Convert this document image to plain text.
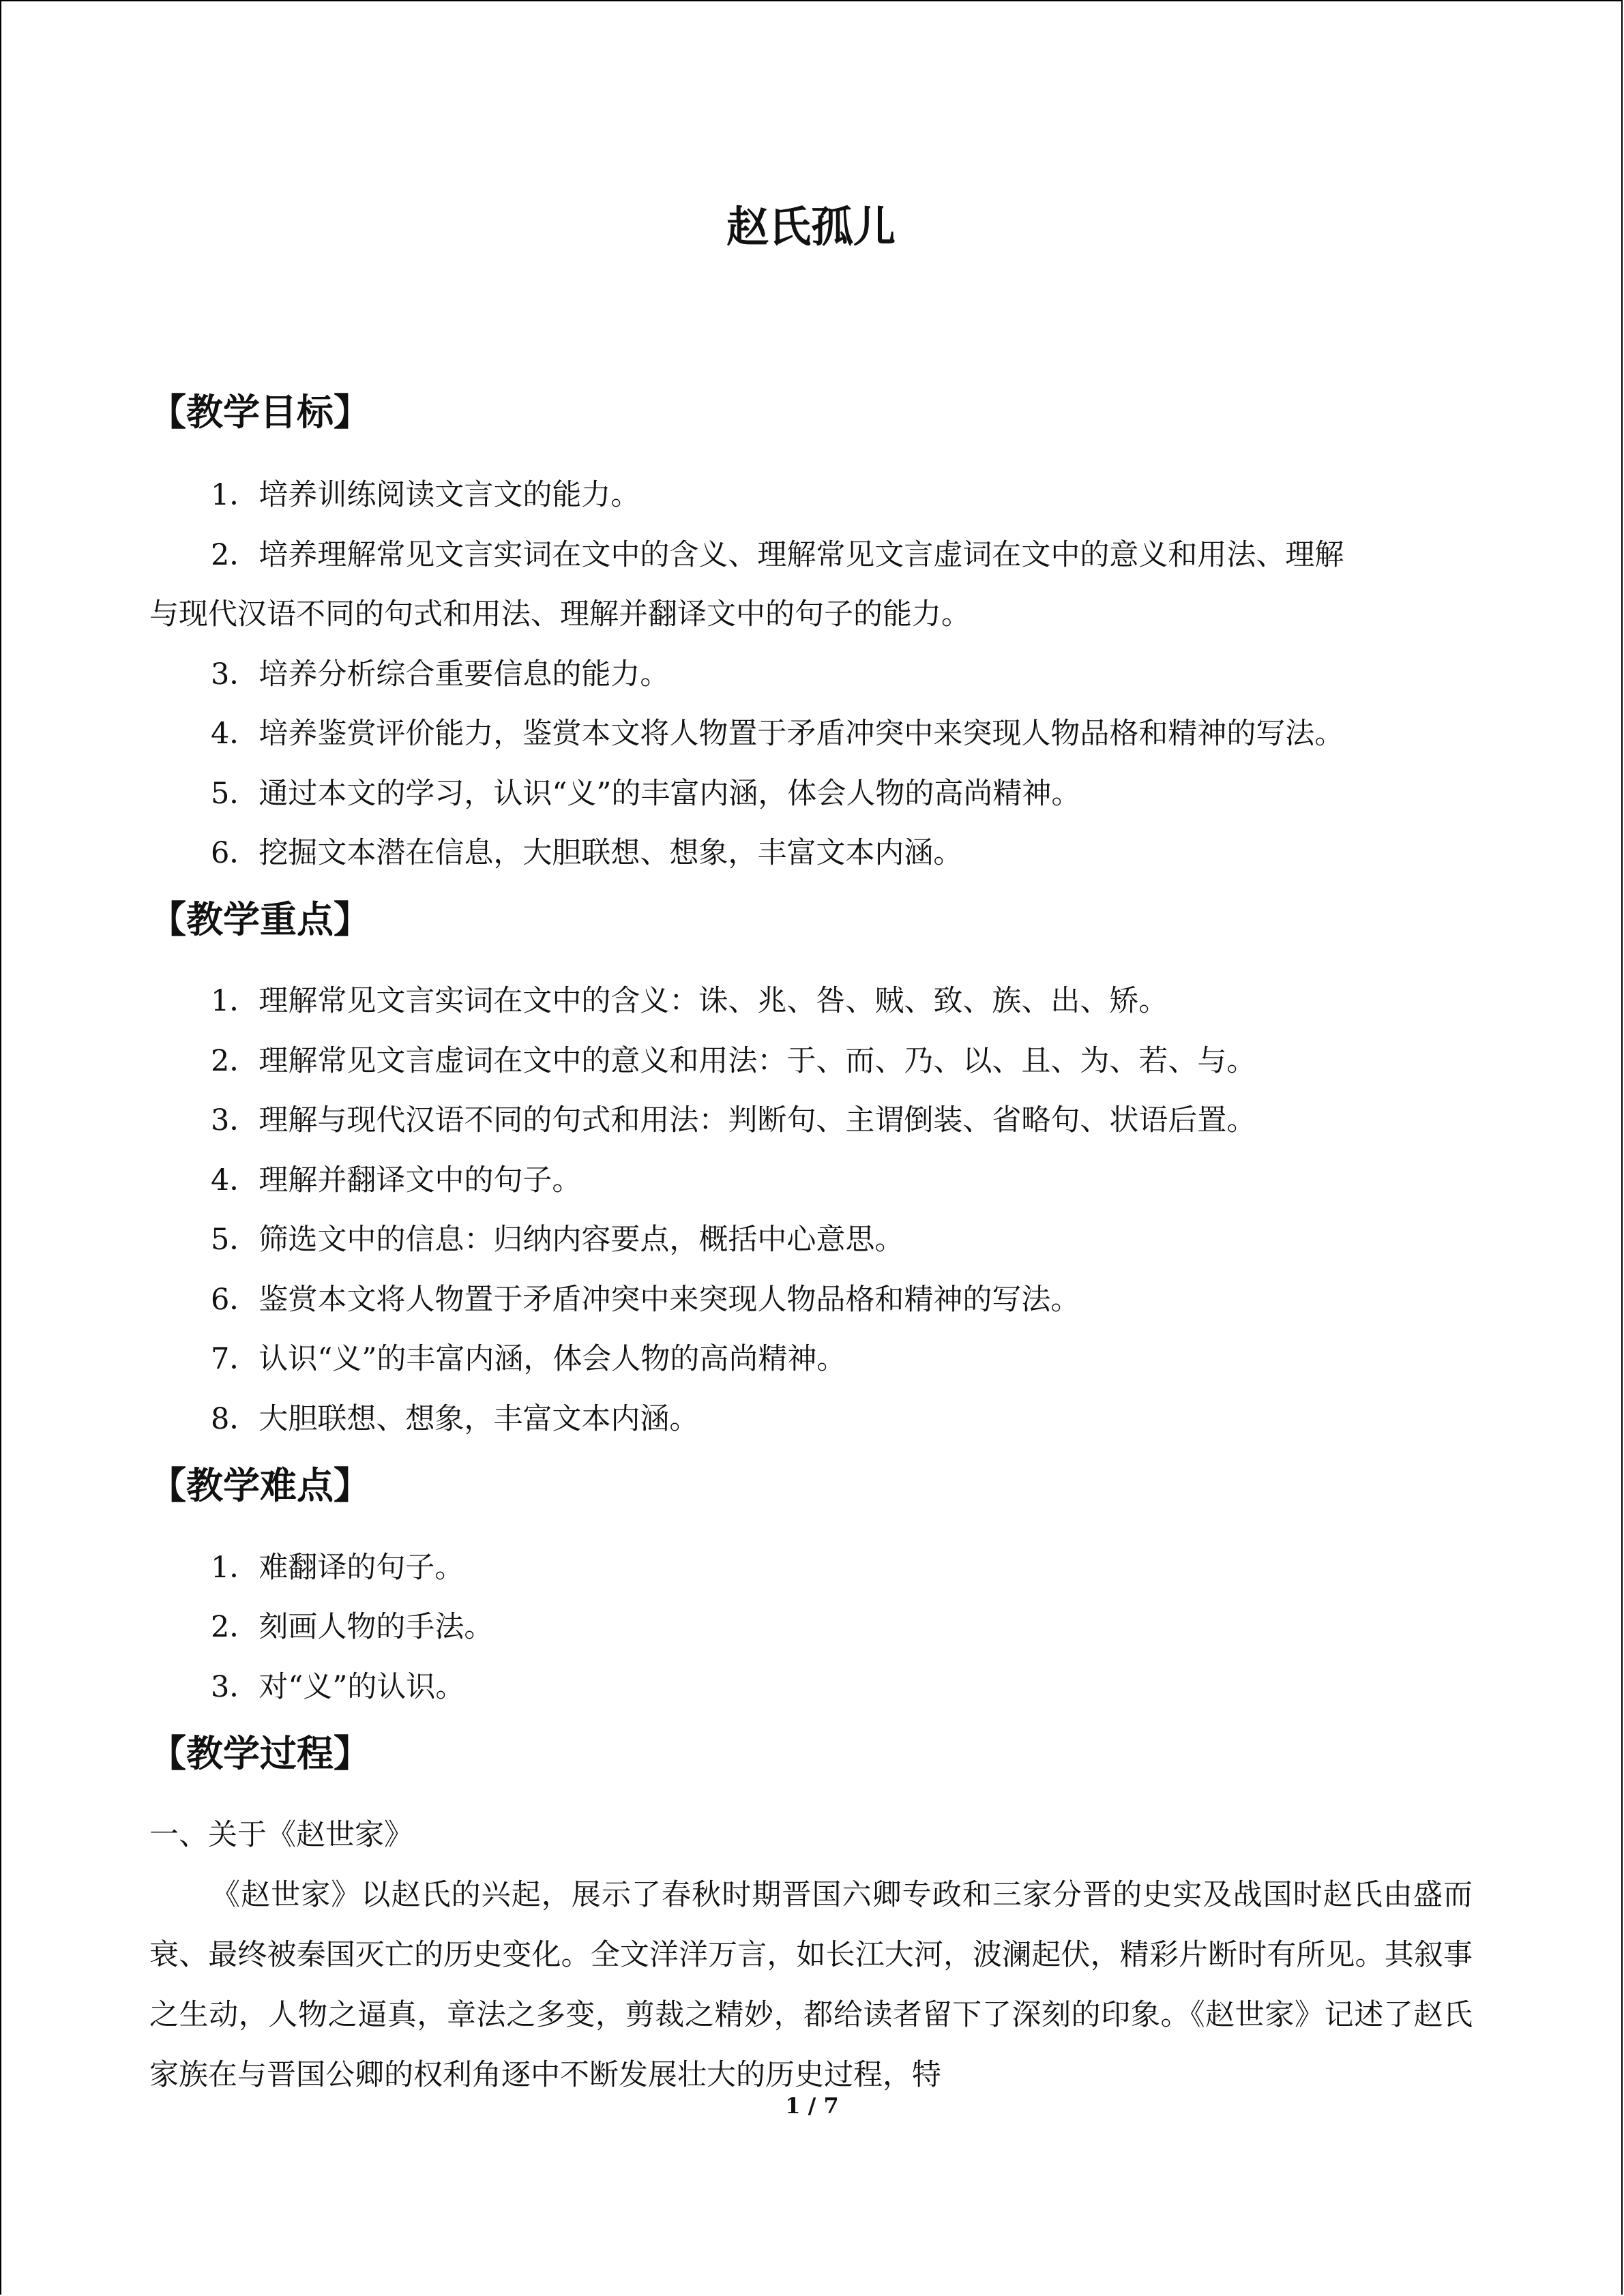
赵氏孤儿
【教学目标】
1．培养训练阅读文言文的能力。
2．培养理解常见文言实词在文中的含义、理解常见文言虚词在文中的意义和用法、理解
与现代汉语不同的句式和用法、理解并翻译文中的句子的能力。
3．培养分析综合重要信息的能力。
4．培养鉴赏评价能力，鉴赏本文将人物置于矛盾冲突中来突现人物品格和精神的写法。
5．通过本文的学习，认识“义”的丰富内涵，体会人物的高尚精神。
6．挖掘文本潜在信息，大胆联想、想象，丰富文本内涵。
【教学重点】
1．理解常见文言实词在文中的含义：诛、兆、咎、贼、致、族、出、矫。
2．理解常见文言虚词在文中的意义和用法：于、而、乃、以、且、为、若、与。
3．理解与现代汉语不同的句式和用法：判断句、主谓倒装、省略句、状语后置。
4．理解并翻译文中的句子。
5．筛选文中的信息：归纳内容要点，概括中心意思。
6．鉴赏本文将人物置于矛盾冲突中来突现人物品格和精神的写法。
7．认识“义”的丰富内涵，体会人物的高尚精神。
8．大胆联想、想象，丰富文本内涵。
【教学难点】
1．难翻译的句子。
2．刻画人物的手法。
3．对“义”的认识。
【教学过程】
一、关于《赵世家》
《赵世家》以赵氏的兴起，展示了春秋时期晋国六卿专政和三家分晋的史实及战国时赵氏由盛而衰、最终被秦国灭亡的历史变化。全文洋洋万言，如长江大河，波澜起伏，精彩片断时有所见。其叙事之生动，人物之逼真，章法之多变，剪裁之精妙，都给读者留下了深刻的印象。《赵世家》记述了赵氏家族在与晋国公卿的权利角逐中不断发展壮大的历史过程，特
1 / 7
